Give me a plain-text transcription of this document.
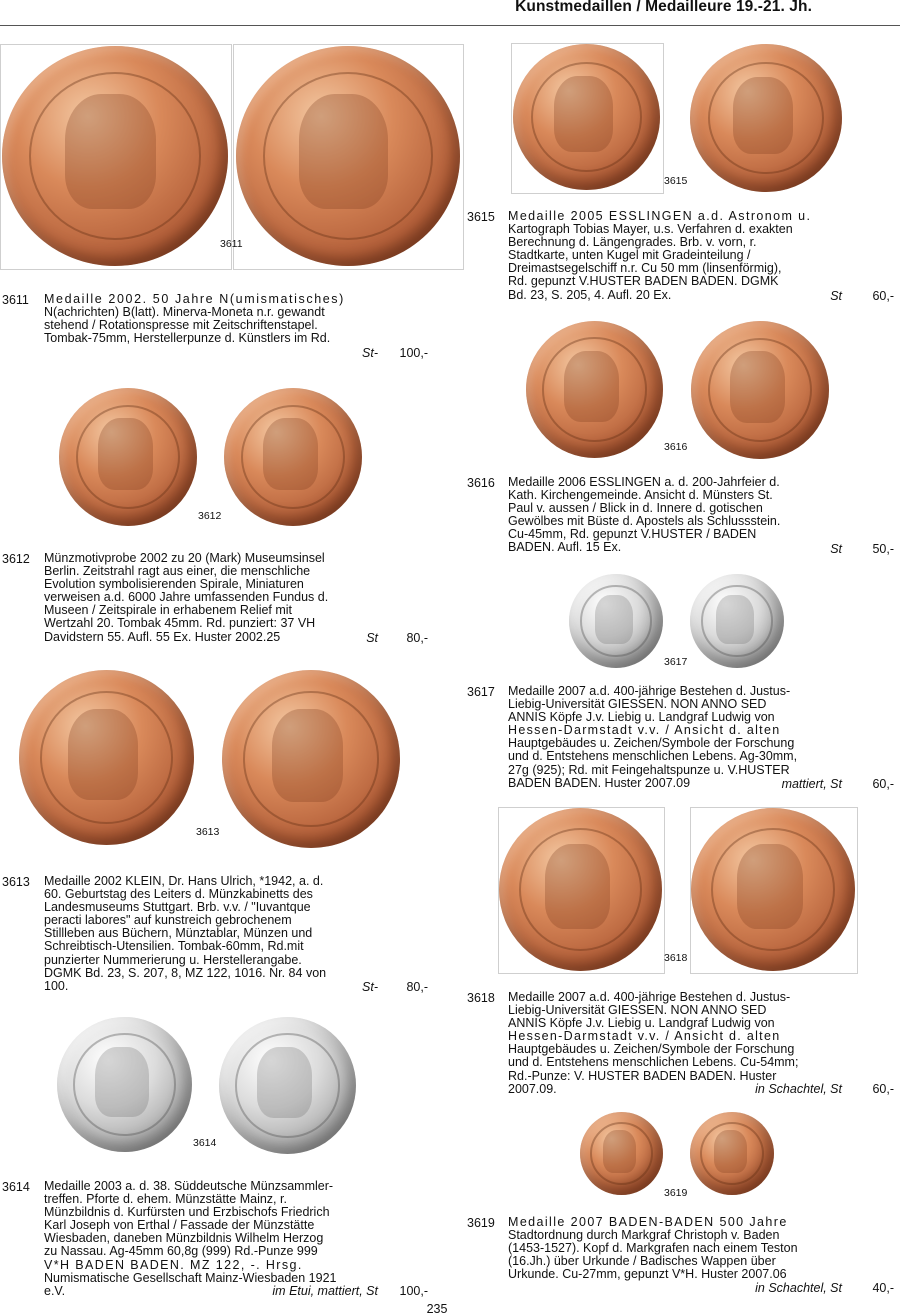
Kunstmedaillen / Medailleure 19.-21. Jh.
3611
3611 Medaille 2002. 50 Jahre N(umismatisches)
N(achrichten) B(latt). Minerva-Moneta n.r. gewandt
stehend / Rotationspresse mit Zeitschriftenstapel.
Tombak-75mm, Herstellerpunze d. Künstlers im Rd.
St-	100,-
3612
3612 Münzmotivprobe 2002 zu 20 (Mark) Museumsinsel
Berlin. Zeitstrahl ragt aus einer, die menschliche
Evolution symbolisierenden Spirale, Miniaturen
verweisen a.d. 6000 Jahre umfassenden Fundus d.
Museen / Zeitspirale in erhabenem Relief mit
Wertzahl 20. Tombak 45mm. Rd. punziert: 37 VH
Davidstern 55. Aufl. 55 Ex. Huster 2002.25	St	80,-
3613
3613 Medaille 2002 KLEIN, Dr. Hans Ulrich, *1942, a. d.
60. Geburtstag des Leiters d. Münzkabinetts des
Landesmuseums Stuttgart. Brb. v.v. / "Iuvantque
peracti labores" auf kunstreich gebrochenem
Stillleben aus Büchern, Münztablar, Münzen und
Schreibtisch-Utensilien. Tombak-60mm, Rd.mit
punzierter Nummerierung u. Herstellerangabe.
DGMK Bd. 23, S. 207, 8, MZ 122, 1016. Nr. 84 von
100.	St-	80,-
3614
3614 Medaille 2003 a. d. 38. Süddeutsche Münzsammler-
treffen. Pforte d. ehem. Münzstätte Mainz, r.
Münzbildnis d. Kurfürsten und Erzbischofs Friedrich
Karl Joseph von Erthal / Fassade der Münzstätte
Wiesbaden, daneben Münzbildnis Wilhelm Herzog
zu Nassau. Ag-45mm 60,8g (999) Rd.-Punze 999
V*H BADEN BADEN. MZ 122, -. Hrsg.
Numismatische Gesellschaft Mainz-Wiesbaden 1921
e.V.	im Etui, mattiert, St	100,-
3615
3615 Medaille 2005 ESSLINGEN a.d. Astronom u.
Kartograph Tobias Mayer, u.s. Verfahren d. exakten
Berechnung d. Längengrades. Brb. v. vorn, r.
Stadtkarte, unten Kugel mit Gradeinteilung /
Dreimastsegelschiff n.r. Cu 50 mm (linsenförmig),
Rd. gepunzt V.HUSTER BADEN BADEN. DGMK
Bd. 23, S. 205, 4. Aufl. 20 Ex.	St	60,-
3616
3616 Medaille 2006 ESSLINGEN a. d. 200-Jahrfeier d.
Kath. Kirchengemeinde. Ansicht d. Münsters St.
Paul v. aussen / Blick in d. Innere d. gotischen
Gewölbes mit Büste d. Apostels als Schlussstein.
Cu-45mm, Rd. gepunzt V.HUSTER / BADEN
BADEN. Aufl. 15 Ex.	St	50,-
3617
3617 Medaille 2007 a.d. 400-jährige Bestehen d. Justus-
Liebig-Universität GIESSEN. NON ANNO SED
ANNIS Köpfe J.v. Liebig u. Landgraf Ludwig von
Hessen-Darmstadt v.v. / Ansicht d. alten
Hauptgebäudes u. Zeichen/Symbole der Forschung
und d. Entstehens menschlichen Lebens. Ag-30mm,
27g (925); Rd. mit Feingehaltspunze u. V.HUSTER
BADEN BADEN. Huster 2007.09	mattiert, St	60,-
3618
3618 Medaille 2007 a.d. 400-jährige Bestehen d. Justus-
Liebig-Universität GIESSEN. NON ANNO SED
ANNIS Köpfe J.v. Liebig u. Landgraf Ludwig von
Hessen-Darmstadt v.v. / Ansicht d. alten
Hauptgebäudes u. Zeichen/Symbole der Forschung
und d. Entstehens menschlichen Lebens. Cu-54mm;
Rd.-Punze: V. HUSTER BADEN BADEN. Huster
2007.09.	in Schachtel, St	60,-
3619
3619 Medaille 2007 BADEN-BADEN 500 Jahre
Stadtordnung durch Markgraf Christoph v. Baden
(1453-1527). Kopf d. Markgrafen nach einem Teston
(16.Jh.) über Urkunde / Badisches Wappen über
Urkunde. Cu-27mm, gepunzt V*H. Huster 2007.06
in Schachtel, St	40,-
235
